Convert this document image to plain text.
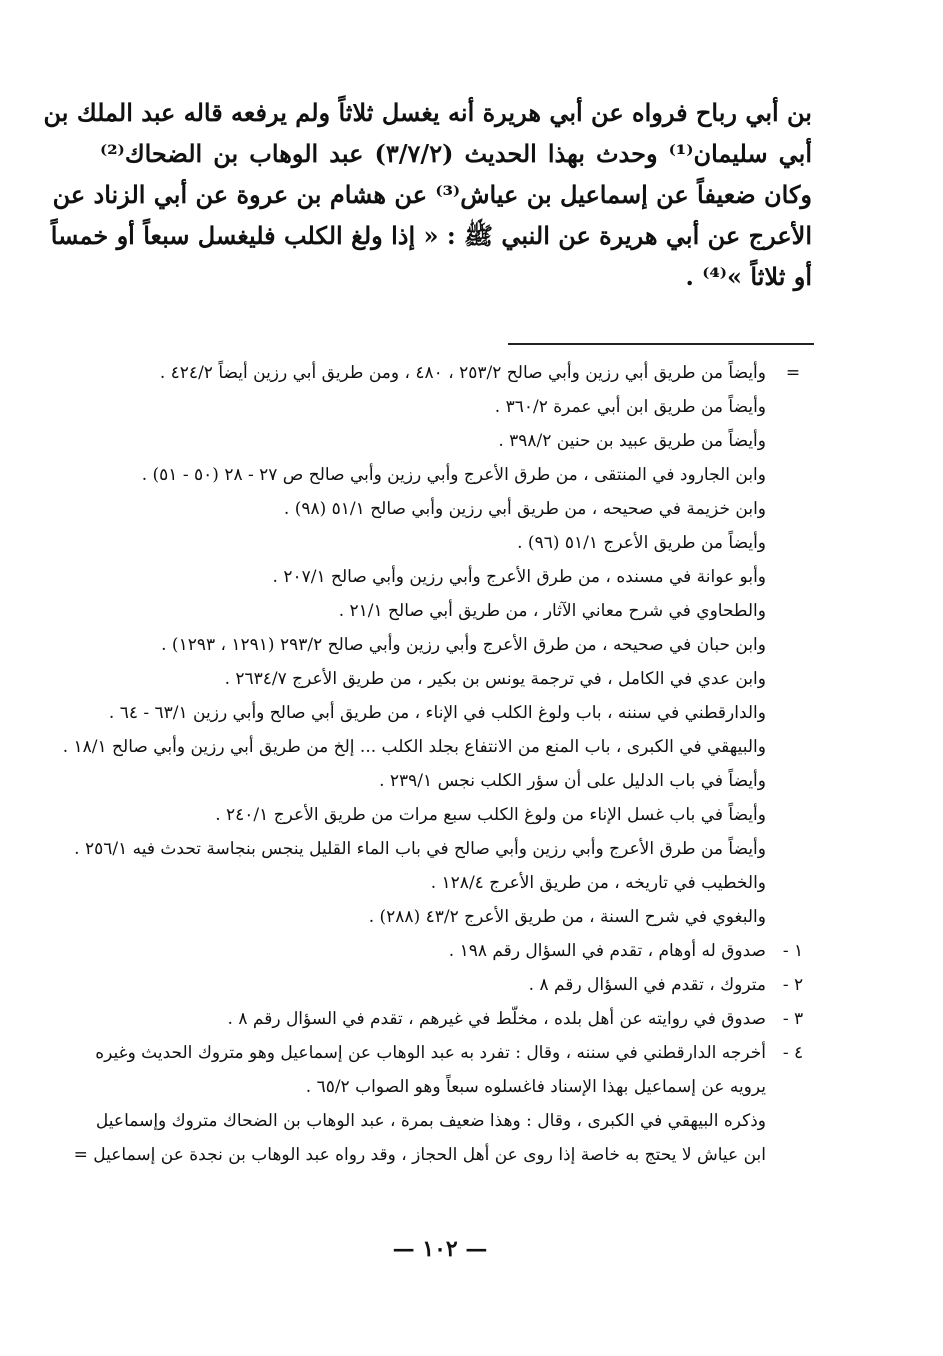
بن أبي رباح فرواه عن أبي هريرة أنه يغسل ثلاثاً ولم يرفعه قاله عبد الملك بن
أبي سليمان⁽¹⁾ وحدث بهذا الحديث (٣/٧/٢) عبد الوهاب بن الضحاك⁽²⁾
وكان ضعيفاً عن إسماعيل بن عياش⁽³⁾ عن هشام بن عروة عن أبي الزناد عن
الأعرج عن أبي هريرة عن النبي ﷺ : « إذا ولغ الكلب فليغسل سبعاً أو خمساً
أو ثلاثاً »⁽⁴⁾ .
=
وأيضاً من طريق أبي رزين وأبي صالح ٢٥٣/٢ ، ٤٨٠ ، ومن طريق أبي رزين أيضاً ٤٢٤/٢ .
وأيضاً من طريق ابن أبي عمرة ٣٦٠/٢ .
وأيضاً من طريق عبيد بن حنين ٣٩٨/٢ .
وابن الجارود في المنتقى ، من طرق الأعرج وأبي رزين وأبي صالح ص ٢٧ - ٢٨ (٥٠ - ٥١) .
وابن خزيمة في صحيحه ، من طريق أبي رزين وأبي صالح ٥١/١ (٩٨) .
وأيضاً من طريق الأعرج ٥١/١ (٩٦) .
وأبو عوانة في مسنده ، من طرق الأعرج وأبي رزين وأبي صالح ٢٠٧/١ .
والطحاوي في شرح معاني الآثار ، من طريق أبي صالح ٢١/١ .
وابن حبان في صحيحه ، من طرق الأعرج وأبي رزين وأبي صالح ٢٩٣/٢ (١٢٩١ ، ١٢٩٣) .
وابن عدي في الكامل ، في ترجمة يونس بن بكير ، من طريق الأعرج ٢٦٣٤/٧ .
والدارقطني في سننه ، باب ولوغ الكلب في الإناء ، من طريق أبي صالح وأبي رزين ٦٣/١ - ٦٤ .
والبيهقي في الكبرى ، باب المنع من الانتفاع بجلد الكلب ... إلخ من طريق أبي رزين وأبي صالح ١٨/١ .
وأيضاً في باب الدليل على أن سؤر الكلب نجس ٢٣٩/١ .
وأيضاً في باب غسل الإناء من ولوغ الكلب سبع مرات من طريق الأعرج ٢٤٠/١ .
وأيضاً من طرق الأعرج وأبي رزين وأبي صالح في باب الماء القليل ينجس بنجاسة تحدث فيه ٢٥٦/١ .
والخطيب في تاريخه ، من طريق الأعرج ١٢٨/٤ .
والبغوي في شرح السنة ، من طريق الأعرج ٤٣/٢ (٢٨٨) .
١ -
صدوق له أوهام ، تقدم في السؤال رقم ١٩٨ .
٢ -
متروك ، تقدم في السؤال رقم ٨ .
٣ -
صدوق في روايته عن أهل بلده ، مخلّط في غيرهم ، تقدم في السؤال رقم ٨ .
٤ -
أخرجه الدارقطني في سننه ، وقال : تفرد به عبد الوهاب عن إسماعيل وهو متروك الحديث وغيره
يرويه عن إسماعيل بهذا الإسناد فاغسلوه سبعاً وهو الصواب ٦٥/٢ .
وذكره البيهقي في الكبرى ، وقال : وهذا ضعيف بمرة ، عبد الوهاب بن الضحاك متروك وإسماعيل
ابن عياش لا يحتج به خاصة إذا روى عن أهل الحجاز ، وقد رواه عبد الوهاب بن نجدة عن إسماعيل =
— ١٠٢ —
